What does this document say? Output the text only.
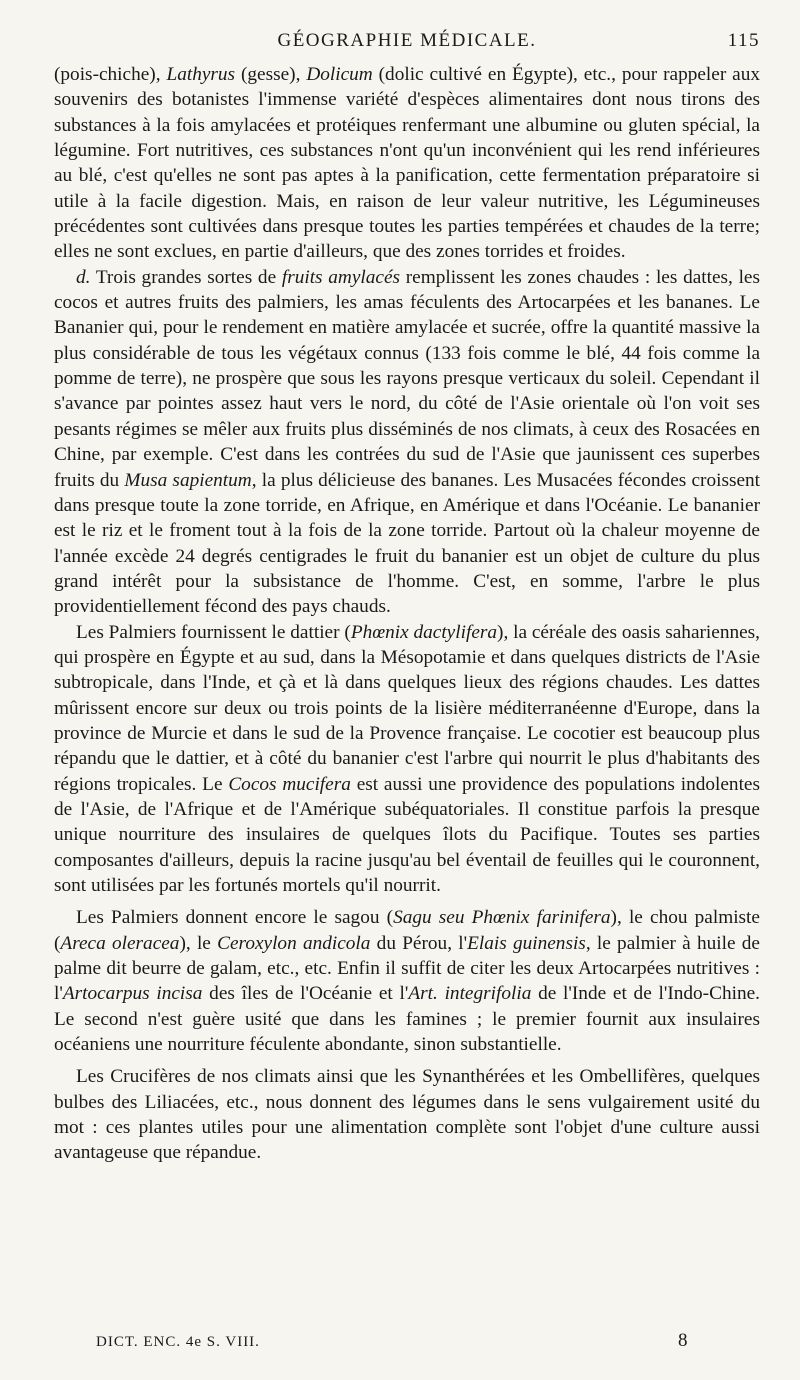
GÉOGRAPHIE MÉDICALE.	115

(pois-chiche), Lathyrus (gesse), Dolicum (dolic cultivé en Égypte), etc., pour rappeler aux souvenirs des botanistes l'immense variété d'espèces alimentaires dont nous tirons des substances à la fois amylacées et protéiques renfermant une albumine ou gluten spécial, la légumine. Fort nutritives, ces substances n'ont qu'un inconvénient qui les rend inférieures au blé, c'est qu'elles ne sont pas aptes à la panification, cette fermentation préparatoire si utile à la facile digestion. Mais, en raison de leur valeur nutritive, les Légumineuses précédentes sont cultivées dans presque toutes les parties tempérées et chaudes de la terre; elles ne sont exclues, en partie d'ailleurs, que des zones torrides et froides.

d. Trois grandes sortes de fruits amylacés remplissent les zones chaudes : les dattes, les cocos et autres fruits des palmiers, les amas féculents des Artocarpées et les bananes. Le Bananier qui, pour le rendement en matière amylacée et sucrée, offre la quantité massive la plus considérable de tous les végétaux connus (133 fois comme le blé, 44 fois comme la pomme de terre), ne prospère que sous les rayons presque verticaux du soleil. Cependant il s'avance par pointes assez haut vers le nord, du côté de l'Asie orientale où l'on voit ses pesants régimes se mêler aux fruits plus disséminés de nos climats, à ceux des Rosacées en Chine, par exemple. C'est dans les contrées du sud de l'Asie que jaunissent ces superbes fruits du Musa sapientum, la plus délicieuse des bananes. Les Musacées fécondes croissent dans presque toute la zone torride, en Afrique, en Amérique et dans l'Océanie. Le bananier est le riz et le froment tout à la fois de la zone torride. Partout où la chaleur moyenne de l'année excède 24 degrés centigrades le fruit du bananier est un objet de culture du plus grand intérêt pour la subsistance de l'homme. C'est, en somme, l'arbre le plus providentiellement fécond des pays chauds.

Les Palmiers fournissent le dattier (Phœnix dactylifera), la céréale des oasis sahariennes, qui prospère en Égypte et au sud, dans la Mésopotamie et dans quelques districts de l'Asie subtropicale, dans l'Inde, et çà et là dans quelques lieux des régions chaudes. Les dattes mûrissent encore sur deux ou trois points de la lisière méditerranéenne d'Europe, dans la province de Murcie et dans le sud de la Provence française. Le cocotier est beaucoup plus répandu que le dattier, et à côté du bananier c'est l'arbre qui nourrit le plus d'habitants des régions tropicales. Le Cocos mucifera est aussi une providence des populations indolentes de l'Asie, de l'Afrique et de l'Amérique subéquatoriales. Il constitue parfois la presque unique nourriture des insulaires de quelques îlots du Pacifique. Toutes ses parties composantes d'ailleurs, depuis la racine jusqu'au bel éventail de feuilles qui le couronnent, sont utilisées par les fortunés mortels qu'il nourrit.

Les Palmiers donnent encore le sagou (Sagu seu Phœnix farinifera), le chou palmiste (Areca oleracea), le Ceroxylon andicola du Pérou, l'Elais guinensis, le palmier à huile de palme dit beurre de galam, etc., etc. Enfin il suffit de citer les deux Artocarpées nutritives : l'Artocarpus incisa des îles de l'Océanie et l'Art. integrifolia de l'Inde et de l'Indo-Chine. Le second n'est guère usité que dans les famines ; le premier fournit aux insulaires océaniens une nourriture féculente abondante, sinon substantielle.

Les Crucifères de nos climats ainsi que les Synanthérées et les Ombellifères, quelques bulbes des Liliacées, etc., nous donnent des légumes dans le sens vulgairement usité du mot : ces plantes utiles pour une alimentation complète sont l'objet d'une culture aussi avantageuse que répandue.

DICT. ENC. 4e S. VIII.	8
